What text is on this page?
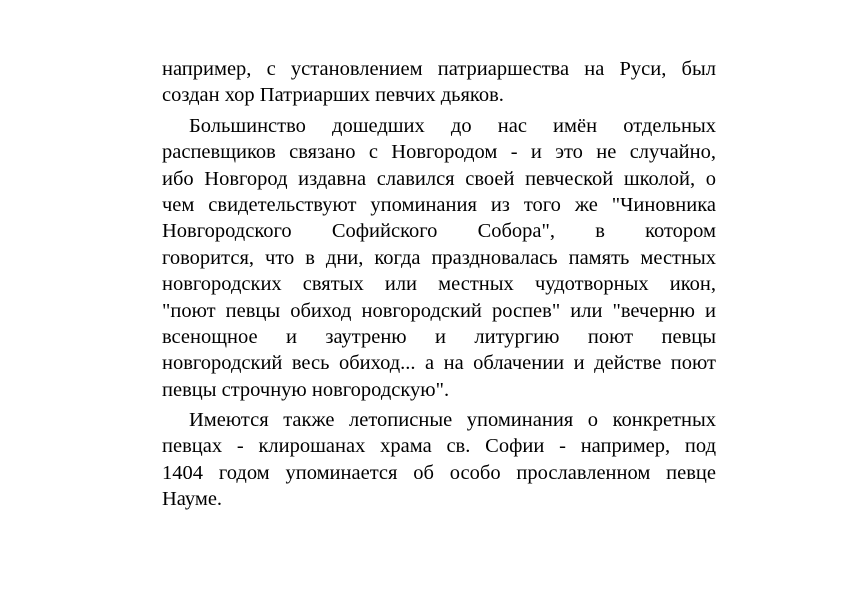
например, с установлением патриаршества на Руси, был
создан хор Патриарших певчих дьяков.
Большинство дошедших до нас имён отдельных
распевщиков связано с Новгородом - и это не случайно,
ибо Новгород издавна славился своей певческой школой, о
чем свидетельствуют упоминания из того же "Чиновника
Новгородского Софийского Собора", в котором
говорится, что в дни, когда праздновалась память местных
новгородских святых или местных чудотворных икон,
"поют певцы обиход новгородский роспев" или "вечерню и
всенощное и заутреню и литургию поют певцы
новгородский весь обиход... а на облачении и действе поют
певцы строчную новгородскую".
Имеются также летописные упоминания о конкретных
певцах - клирошанах храма св. Софии - например, под
1404 годом упоминается об особо прославленном певце
Науме.
